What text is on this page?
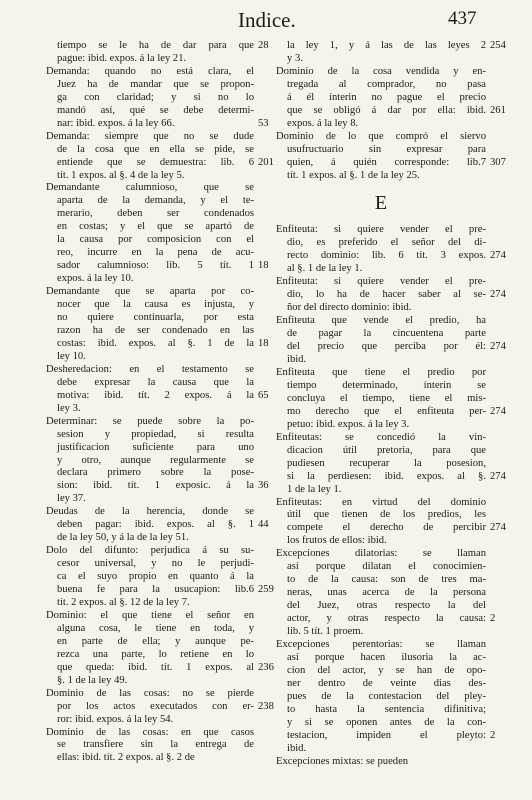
Indice.	437
tiempo se le ha de dar para que
pague: ibid. expos. á la ley 21.
28
Demanda: quando no está clara, el
Juez ha de mandar que se propon-
ga con claridad; y si no lo
mandó así, qué se debe determi-
nar: ibid. expos. á la ley 66.	53
Demanda: siempre que no se dude
de la cosa que en ella se pide, se
entiende que se demuestra: lib. 6
tít. 1 expos. al §. 4 de la ley 5.
201
Demandante calumnioso, que se
aparta de la demanda, y el te-
merario, deben ser condenados
en costas; y el que se apartó de
la causa por composicion con el
reo, incurre en la pena de acu-
sador calumnioso: lib. 5 tít. 1
expos. á la ley 10.
18
Demandante que se aparta por co-
nocer que la causa es injusta, y
no quiere continuarla, por esta
razon ha de ser condenado en las
costas: ibid. expos. al §. 1 de la
ley 10.
18
Desheredacion: en el testamento se
debe expresar la causa que la
motiva: ibid. tít. 2 expos. á la
ley 3.
65
Determinar: se puede sobre la po-
sesion y propiedad, si resulta
justificacion suficiente para uno
y otro, aunque regularmente se
declara primero sobre la pose-
sion: ibid. tít. 1 exposic. á la
ley 37.
36
Deudas de la herencia, donde se
deben pagar: ibid. expos. al §. 1
de la ley 50, y á la de la ley 51.
44
Dolo del difunto: perjudica á su su-
cesor universal, y no le perjudi-
ca el suyo propio en quanto á la
buena fe para la usucapion: lib.6
tít. 2 expos. al §. 12 de la ley 7.
259
Dominio: el que tiene el señor en
alguna cosa, le tiene en toda, y
en parte de ella; y aunque pe-
rezca una parte, lo retiene en lo
que queda: ibid. tít. 1 expos. al
§. 1 de la ley 49.
236
Dominio de las cosas: no se pierde
por los actos executados con er-
ror: ibid. expos. á la ley 54.
238
Dominio de las cosas: en que casos
se transfiere sin la entrega de
ellas: ibid. tít. 2 expos. al §. 2 de
la ley 1, y á las de las leyes 2
y 3.
254
Dominio de la cosa vendida y en-
tregada al comprador, no pasa
á él ínterin no pague el precio
que se obligó á dar por ella: ibid.
expos. á la ley 8.
261
Dominio de lo que compró el siervo
usufructuario sin expresar para
quien, á quién corresponde: lib.7
tít. 1 expos. al §. 1 de la ley 25.
307
E
Enfiteuta: si quiere vender el pre-
dio, es preferido el señor del di-
recto dominio: lib. 6 tít. 3 expos.
al §. 1 de la ley 1.
274
Enfiteuta: si quiere vender el pre-
dio, lo ha de hacer saber al se-
ñor del directo dominio: ibid.
274
Enfiteuta que vende el predio, ha
de pagar la cincuentena parte
del precio que perciba por él:
ibid.
274
Enfiteuta que tiene el predio por
tiempo determinado, ínterin se
concluya el tiempo, tiene el mis-
mo derecho que el enfiteuta per-
petuo: ibid. expos. á la ley 3.
274
Enfiteutas: se concedió la vin-
dicacion útil pretoria, para que
pudiesen recuperar la posesion,
si la perdiesen: ibid. expos. al §.
1 de la ley 1.
274
Enfiteutas: en virtud del dominio
útil que tienen de los predios, les
compete el derecho de percibir
los frutos de ellos: ibid.
274
Excepciones dilatorias: se llaman
así porque dilatan el conocimien-
to de la causa: son de tres ma-
neras, unas acerca de la persona
del Juez, otras respecto la del
actor, y otras respecto la causa:
lib. 5 tít. 1 proem.
2
Excepciones perentorias: se llaman
así porque hacen ilusoria la ac-
cion del actor, y se han de opo-
ner dentro de veinte dias des-
pues de la contestacion del pley-
to hasta la sentencia difinitiva;
y si se oponen antes de la con-
testacion, impiden el pleyto:
ibid.
2
Excepciones mixtas: se pueden
